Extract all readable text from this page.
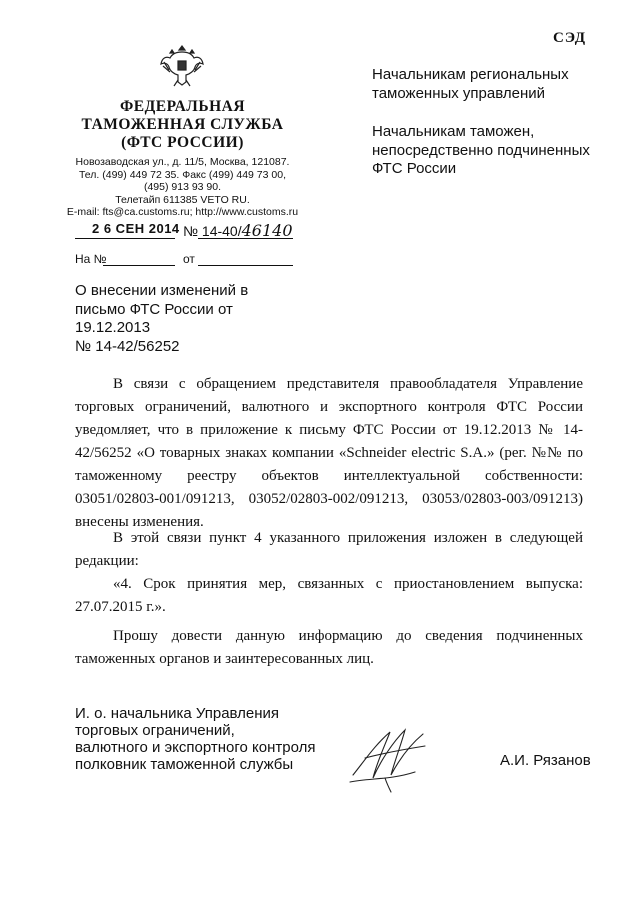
СЭД
ФЕДЕРАЛЬНАЯ
ТАМОЖЕННАЯ СЛУЖБА
(ФТС РОССИИ)
Новозаводская ул., д. 11/5, Москва, 121087.
Тел. (499) 449 72 35. Факс (499) 449 73 00,
(495) 913 93 90.
Телетайп 611385 VETO RU.
E-mail: fts@ca.customs.ru; http://www.customs.ru
2 6 СЕН 2014 № 14-40/46140
На №	от
Начальникам региональных
таможенных управлений
Начальникам таможен,
непосредственно подчиненных
ФТС России
О внесении изменений в
письмо ФТС России от 19.12.2013
№ 14-42/56252
В связи с обращением представителя правообладателя Управление торговых ограничений, валютного и экспортного контроля ФТС России уведомляет, что в приложение к письму ФТС России от 19.12.2013 № 14-42/56252 «О товарных знаках компании «Schneider electric S.A.» (рег. №№ по таможенному реестру объектов интеллектуальной собственности: 03051/02803-001/091213, 03052/02803-002/091213, 03053/02803-003/091213) внесены изменения.
В этой связи пункт 4 указанного приложения изложен в следующей редакции:
«4. Срок принятия мер, связанных с приостановлением выпуска: 27.07.2015 г.».
Прошу довести данную информацию до сведения подчиненных таможенных органов и заинтересованных лиц.
И. о. начальника Управления
торговых ограничений,
валютного и экспортного контроля
полковник таможенной службы	А.И. Рязанов
